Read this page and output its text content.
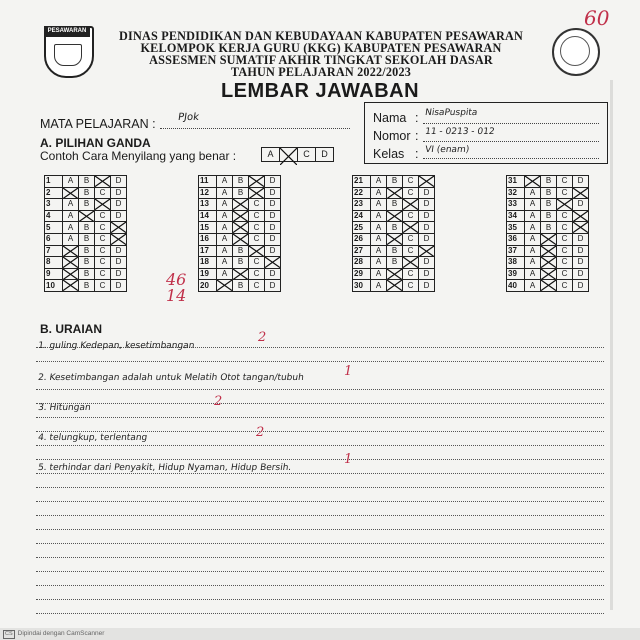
PESAWARAN
60
DINAS PENDIDIKAN DAN KEBUDAYAAN KABUPATEN PESAWARAN
KELOMPOK KERJA GURU (KKG) KABUPATEN PESAWARAN
ASSESMEN SUMATIF AKHIR TINGKAT SEKOLAH DASAR
TAHUN PELAJARAN 2022/2023
LEMBAR JAWABAN
MATA PELAJARAN : PJok	Nama : NisaPuspita
Nomor : 11 - 0213 - 012
Kelas : VI (enam)
A. PILIHAN GANDA
Contoh Cara Menyilang yang benar :	A	C	D
1	A	B		D
2		B	C	D
3	A	B		D
4	A		C	D
5	A	B	C	

6	A	B	C	

7		B	C	D
8		B	C	D
9		B	C	D
10		B	C	D
11	A	B		D
12	A	B		D
13	A		C	D
14	A		C	D
15	A		C	D
16	A		C	D
17	A	B		D
18	A	B	C	

19	A		C	D
20		B	C	D
21	A	B	C	

22	A		C	D
23	A	B		D
24	A		C	D
25	A	B		D
26	A		C	D
27	A	B	C	

28	A	B		D
29	A		C	D
30	A		C	D
31		B	C	D
32	A	B	C	

33	A	B		D
34	A	B	C	

35	A	B	C	

36	A		C	D
37	A		C	D
38	A		C	D
39	A		C	D
40	A		C	D
46
14
B. URAIAN
1. guling Kedepan, kesetimbangan
2
2. Kesetimbangan adalah untuk Melatih Otot tangan/tubuh	1
3. Hitungan	2
4. telungkup, terlentang	2
5. terhindar dari Penyakit, Hidup Nyaman, Hidup Bersih.
1
CS Dipindai dengan CamScanner
